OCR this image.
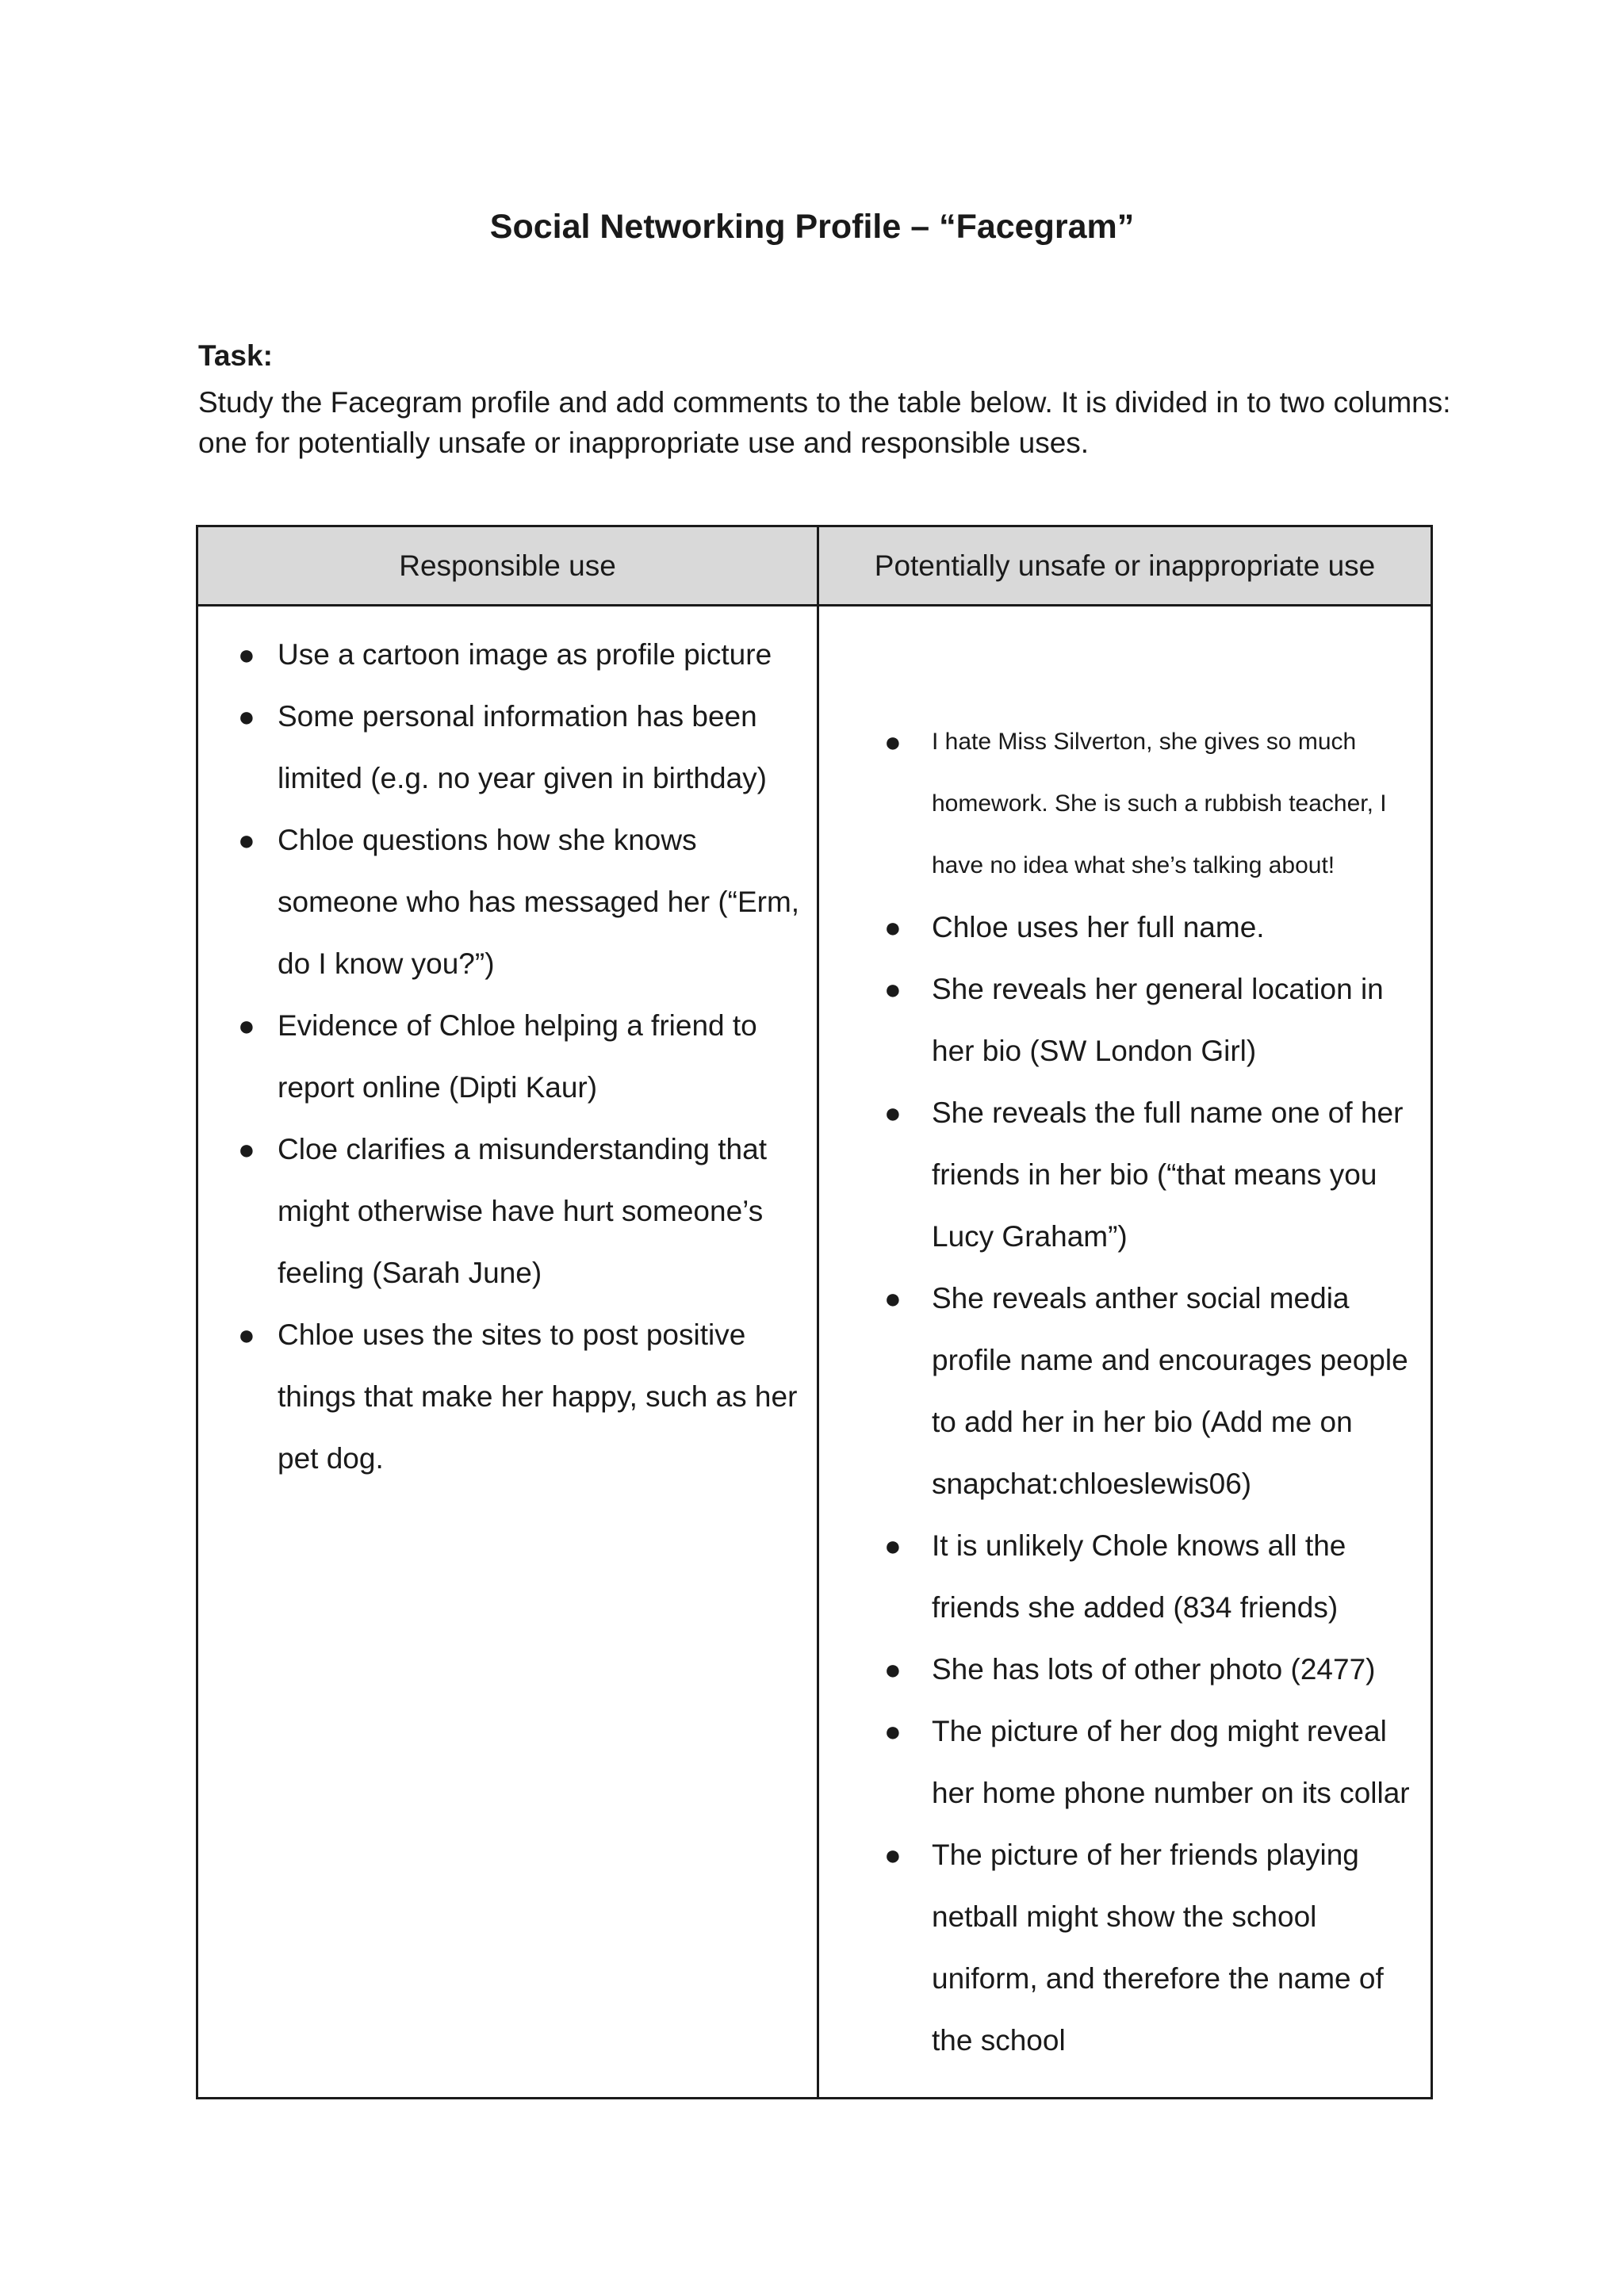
Social Networking Profile – “Facegram”
Task:
Study the Facegram profile and add comments to the table below. It is divided in to two columns: one for potentially unsafe or inappropriate use and responsible uses.
Responsible use	Potentially unsafe or inappropriate use
● Use a cartoon image as profile picture
● Some personal information has been limited (e.g. no year given in birthday)
● Chloe questions how she knows someone who has messaged her (“Erm, do I know you?”)
● Evidence of Chloe helping a friend to report online (Dipti Kaur)
● Cloe clarifies a misunderstanding that might otherwise have hurt someone’s feeling (Sarah June)
● Chloe uses the sites to post positive things that make her happy, such as her pet dog.
● I hate Miss Silverton, she gives so much homework. She is such a rubbish teacher, I have no idea what she’s talking about!
● Chloe uses her full name.
● She reveals her general location in her bio (SW London Girl)
● She reveals the full name one of her friends in her bio (“that means you Lucy Graham”)
● She reveals anther social media profile name and encourages people to add her in her bio (Add me on snapchat:chloeslewis06)
● It is unlikely Chole knows all the friends she added (834 friends)
● She has lots of other photo (2477)
● The picture of her dog might reveal her home phone number on its collar
● The picture of her friends playing netball might show the school uniform, and therefore the name of the school
